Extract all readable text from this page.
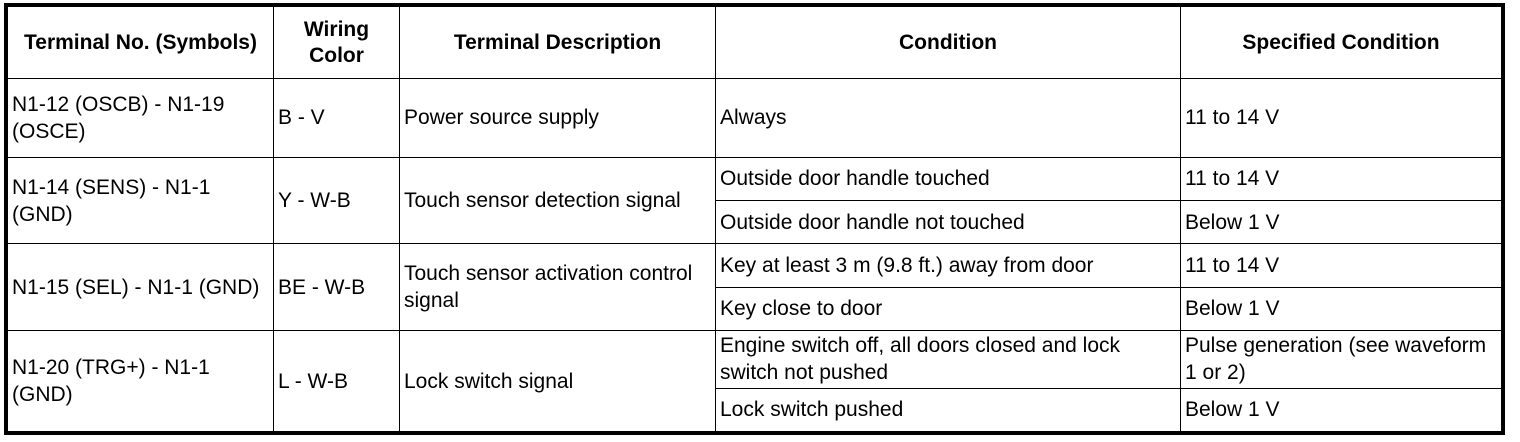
Terminal No. (Symbols)	Wiring Color	Terminal Description	Condition	Specified Condition
N1-12 (OSCB) - N1-19 (OSCE)	B - V	Power source supply	Always	11 to 14 V
N1-14 (SENS) - N1-1 (GND)	Y - W-B	Touch sensor detection signal	Outside door handle touched	11 to 14 V
			Outside door handle not touched	Below 1 V
N1-15 (SEL) - N1-1 (GND)	BE - W-B	Touch sensor activation control signal	Key at least 3 m (9.8 ft.) away from door	11 to 14 V
			Key close to door	Below 1 V
N1-20 (TRG+) - N1-1 (GND)	L - W-B	Lock switch signal	Engine switch off, all doors closed and lock switch not pushed	Pulse generation (see waveform 1 or 2)
			Lock switch pushed	Below 1 V
